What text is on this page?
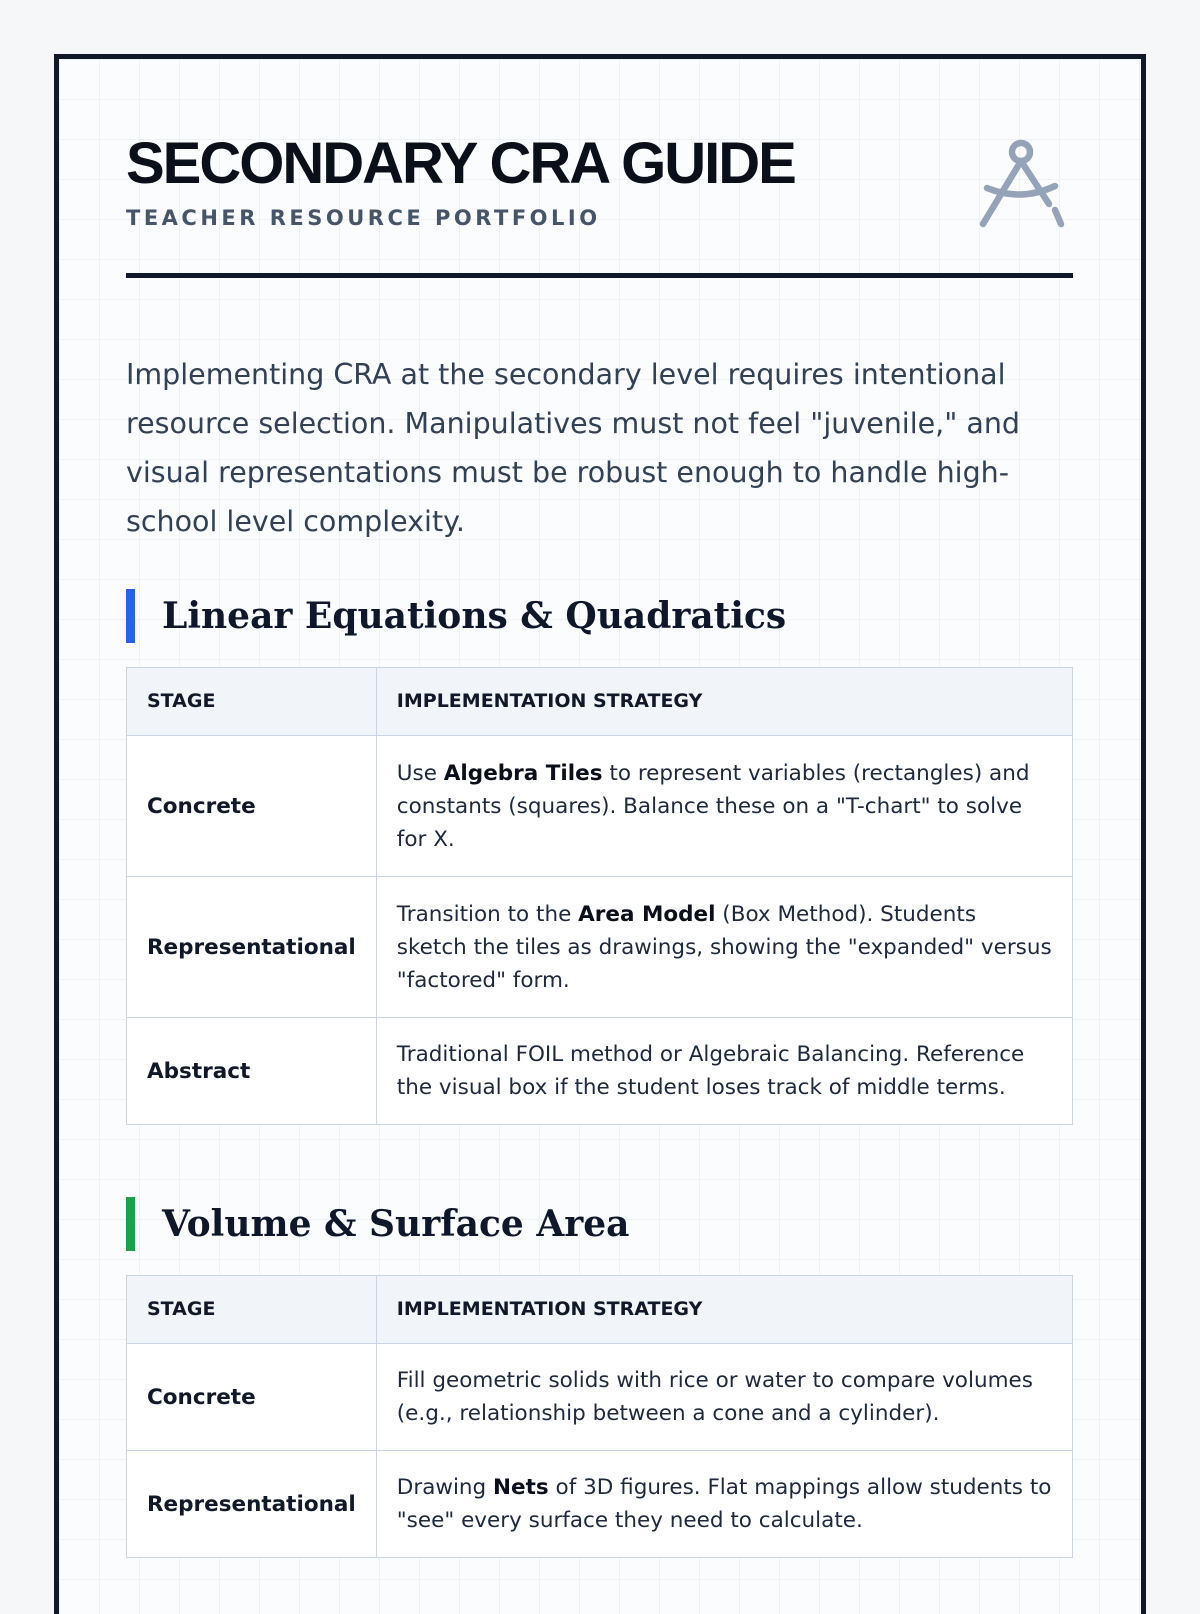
SECONDARY CRA GUIDE
TEACHER RESOURCE PORTFOLIO

Implementing CRA at the secondary level requires intentional resource selection. Manipulatives must not feel "juvenile," and visual representations must be robust enough to handle high-school level complexity.

Linear Equations & Quadratics
STAGE	IMPLEMENTATION STRATEGY
Concrete	Use Algebra Tiles to represent variables (rectangles) and constants (squares). Balance these on a "T-chart" to solve for X.
Representational	Transition to the Area Model (Box Method). Students sketch the tiles as drawings, showing the "expanded" versus "factored" form.
Abstract	Traditional FOIL method or Algebraic Balancing. Reference the visual box if the student loses track of middle terms.
Volume & Surface Area
STAGE	IMPLEMENTATION STRATEGY
Concrete	Fill geometric solids with rice or water to compare volumes (e.g., relationship between a cone and a cylinder).
Representational	Drawing Nets of 3D figures. Flat mappings allow students to "see" every surface they need to calculate.
